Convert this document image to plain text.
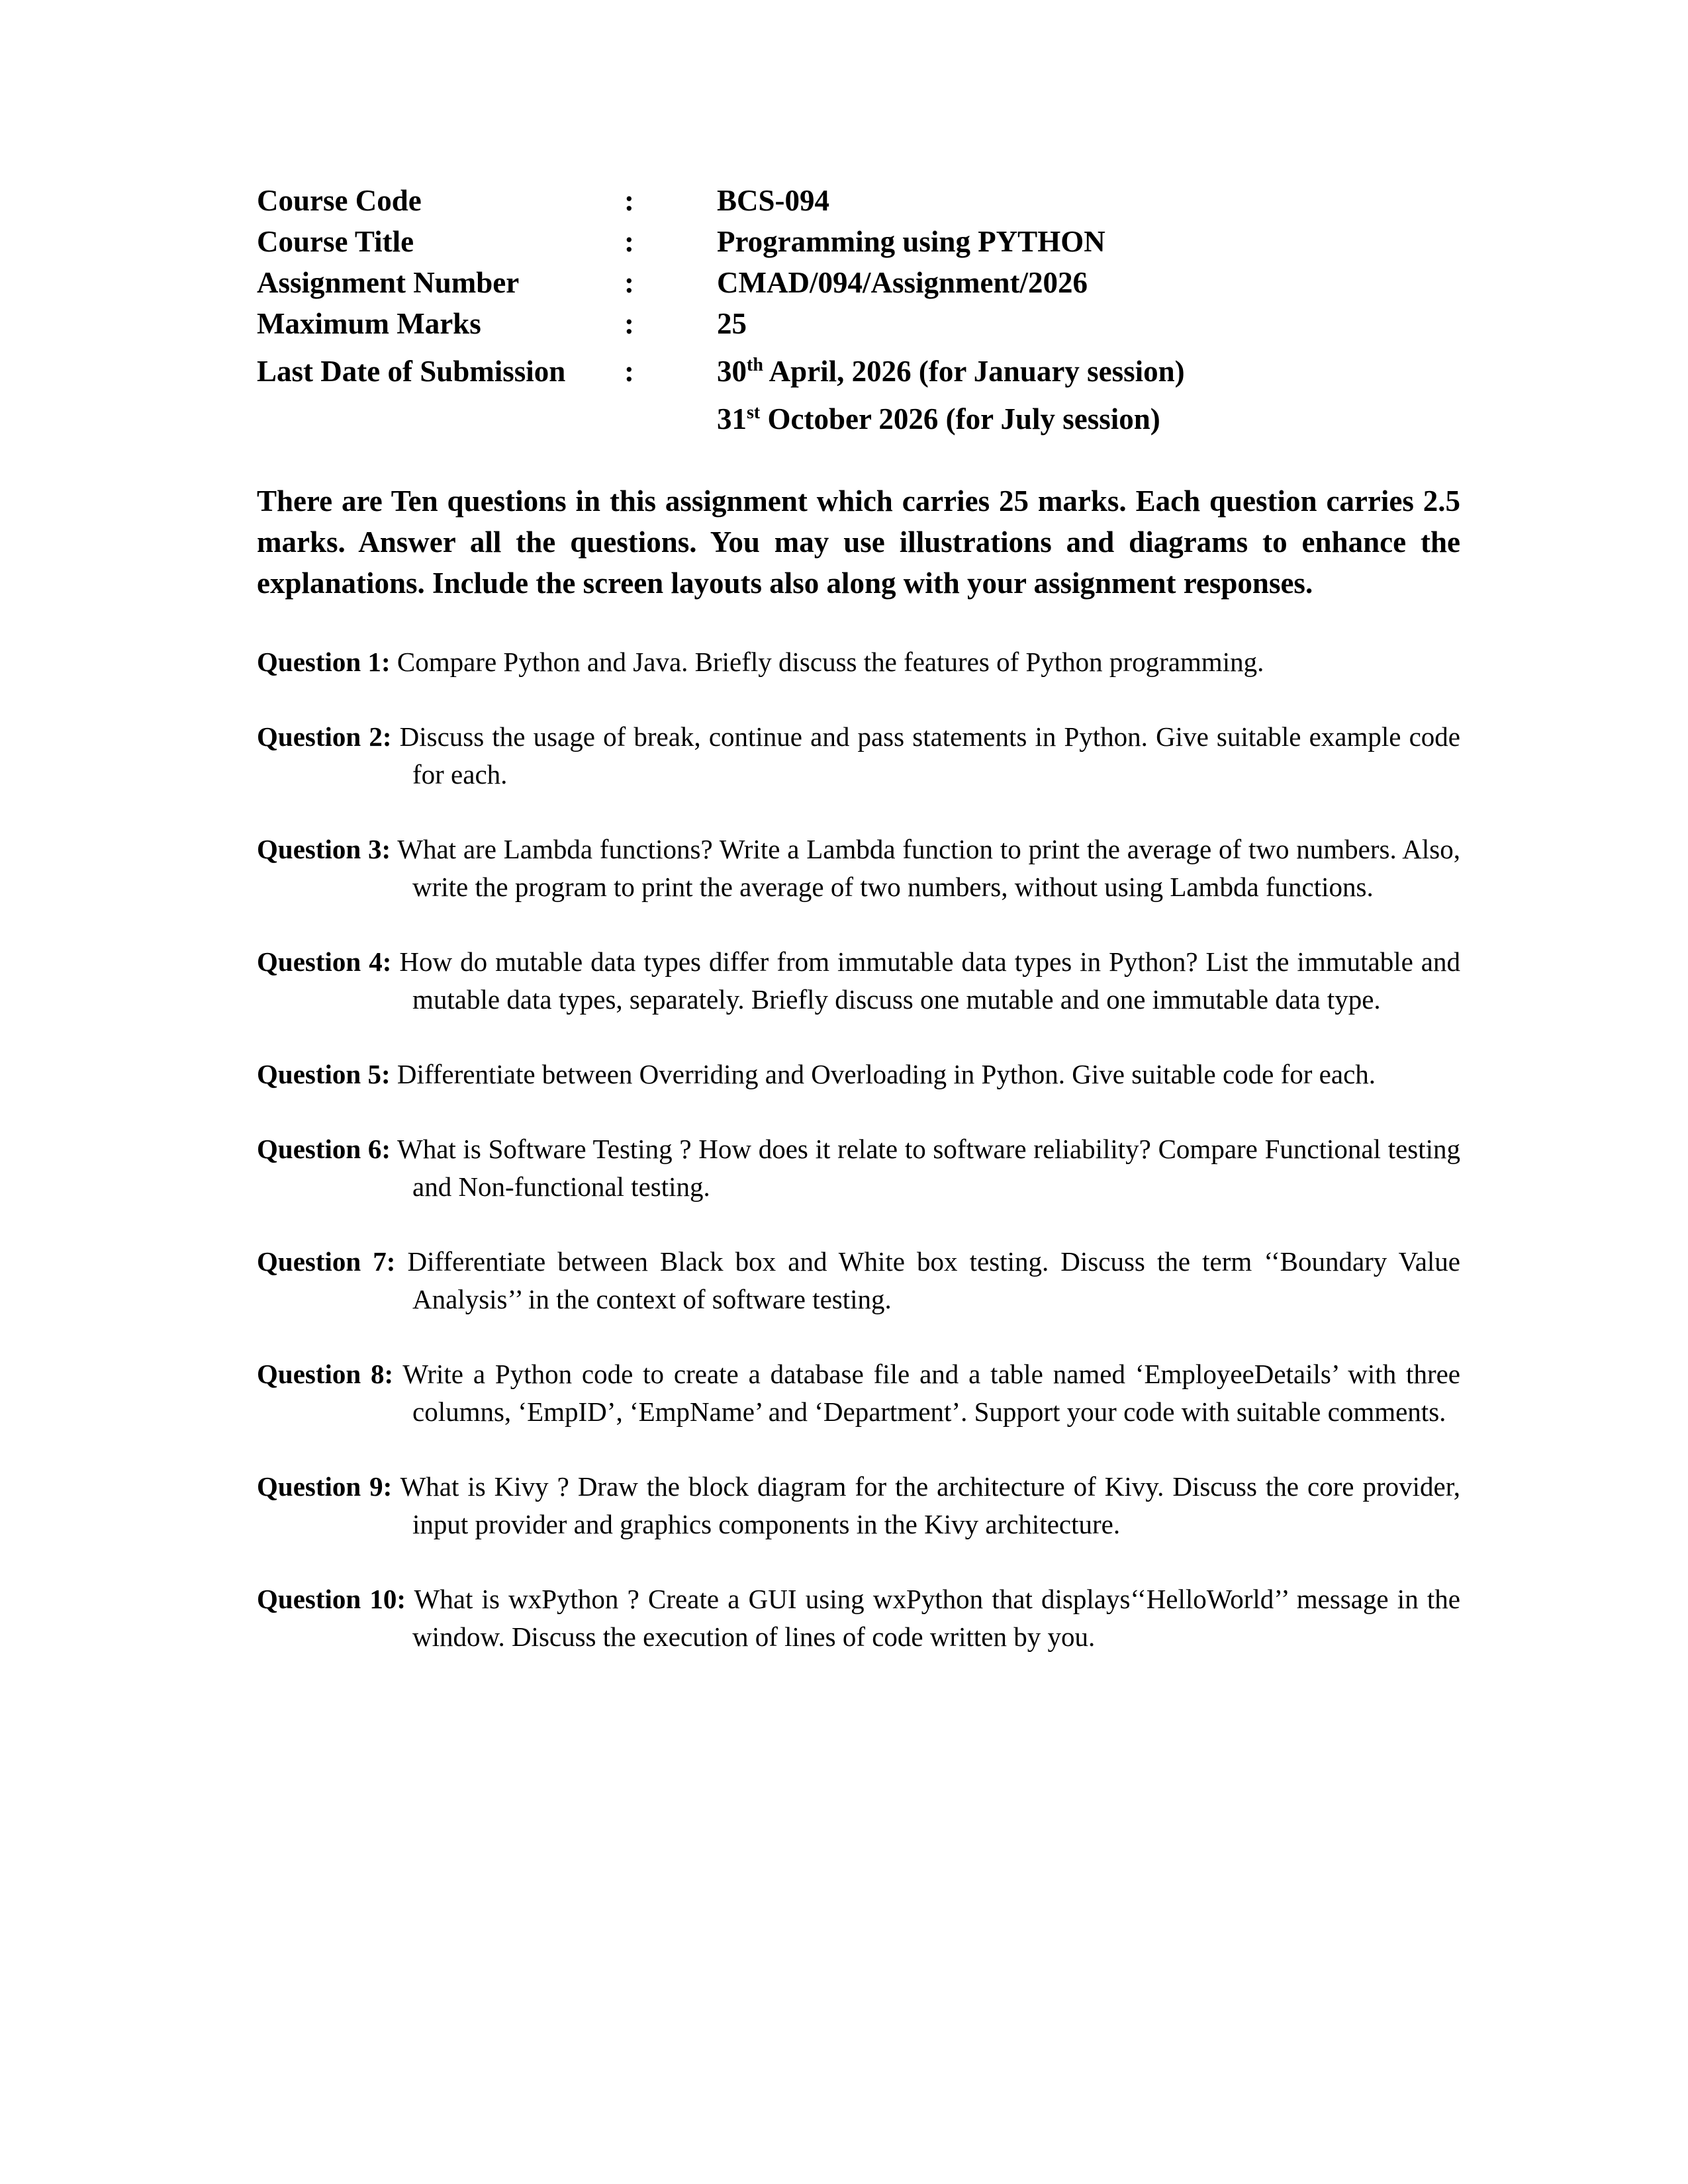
Course Code	:	BCS-094
Course Title	:	Programming using PYTHON
Assignment Number	:	CMAD/094/Assignment/2026
Maximum Marks	:	25
Last Date of Submission	:	30th April, 2026 (for January session)
31st October 2026 (for July session)
There are Ten questions in this assignment which carries 25 marks. Each question carries 2.5 marks. Answer all the questions. You may use illustrations and diagrams to enhance the explanations. Include the screen layouts also along with your assignment responses.
Question 1: Compare Python and Java. Briefly discuss the features of Python programming.
Question 2: Discuss the usage of break, continue and pass statements in Python. Give suitable example code for each.
Question 3: What are Lambda functions? Write a Lambda function to print the average of two numbers. Also, write the program to print the average of two numbers, without using Lambda functions.
Question 4: How do mutable data types differ from immutable data types in Python? List the immutable and mutable data types, separately. Briefly discuss one mutable and one immutable data type.
Question 5: Differentiate between Overriding and Overloading in Python. Give suitable code for each.
Question 6: What is Software Testing ? How does it relate to software reliability? Compare Functional testing and Non-functional testing.
Question 7: Differentiate between Black box and White box testing. Discuss the term ‘‘Boundary Value Analysis’’ in the context of software testing.
Question 8: Write a Python code to create a database file and a table named ‘EmployeeDetails’ with three columns, ‘EmpID’, ‘EmpName’ and ‘Department’. Support your code with suitable comments.
Question 9: What is Kivy ? Draw the block diagram for the architecture of Kivy. Discuss the core provider, input provider and graphics components in the Kivy architecture.
Question 10: What is wxPython ? Create a GUI using wxPython that displays‘‘HelloWorld’’ message in the window. Discuss the execution of lines of code written by you.
